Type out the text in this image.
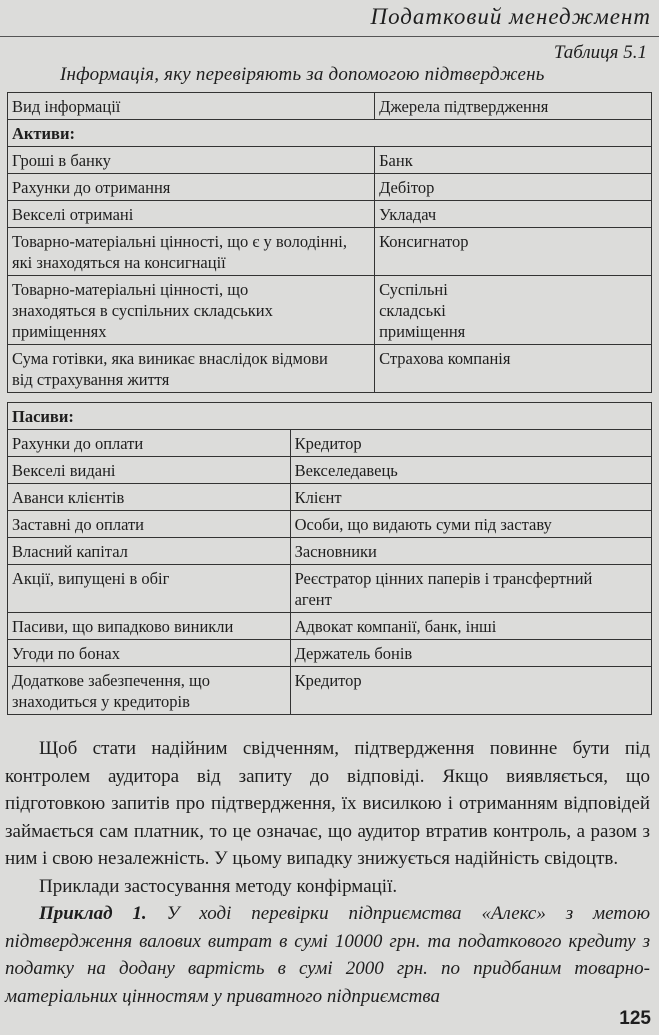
Податковий менеджмент
Таблиця 5.1
Інформація, яку перевіряють за допомогою підтверджень
Вид інформації	Джерела підтвердження
Активи:	
Гроші в банку	Банк
Рахунки до отримання	Дебітор
Векселі отримані	Укладач
Товарно-матеріальні цінності, що є у володінні, які знаходяться на консигнації	Консигнатор
Товарно-матеріальні цінності, що знаходяться в суспільних складських приміщеннях	Суспільні складські приміщення
Сума готівки, яка виникає внаслідок відмови від страхування життя	Страхова компанія
Пасиви:	
Рахунки до оплати	Кредитор
Векселі видані	Векселедавець
Аванси клієнтів	Клієнт
Заставні до оплати	Особи, що видають суми під заставу
Власний капітал	Засновники
Акції, випущені в обіг	Реєстратор цінних паперів і трансфертний агент
Пасиви, що випадково виникли	Адвокат компанії, банк, інші
Угоди по бонах	Держатель бонів
Додаткове забезпечення, що знаходиться у кредиторів	Кредитор

Щоб стати надійним свідченням, підтвердження повинне бути під контролем аудитора від запиту до відповіді. Якщо виявляється, що підготовкою запитів про підтвердження, їх висилкою і отриманням відповідей займається сам платник, то це означає, що аудитор втратив контроль, а разом з ним і свою незалежність. У цьому випадку знижується надійність свідоцтв.

Приклади застосування методу конфірмації.

Приклад 1. У ході перевірки підприємства «Алекс» з метою підтвердження валових витрат в сумі 10000 грн. та податкового кредиту з податку на додану вартість в сумі 2000 грн. по придбаним товарно-матеріальних цінностям у приватного підприємства

125
